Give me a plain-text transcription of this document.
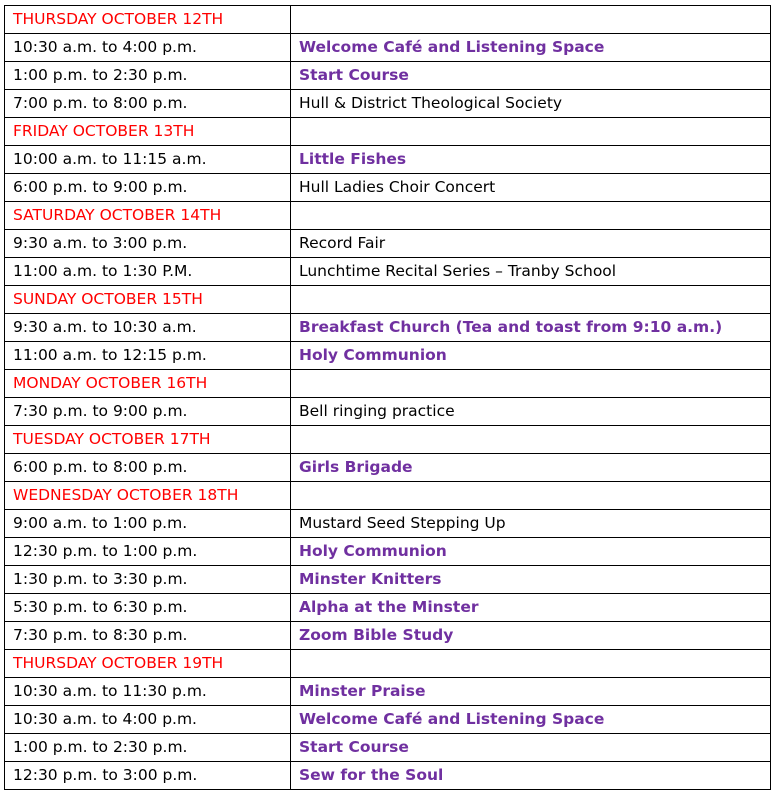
THURSDAY OCTOBER 12TH	
10:30 a.m. to 4:00 p.m.	Welcome Café and Listening Space
1:00 p.m. to 2:30 p.m.	Start Course
7:00 p.m. to 8:00 p.m.	Hull & District Theological Society
FRIDAY OCTOBER 13TH	
10:00 a.m. to 11:15 a.m.	Little Fishes
6:00 p.m. to 9:00 p.m.	Hull Ladies Choir Concert
SATURDAY OCTOBER 14TH	
9:30 a.m. to 3:00 p.m.	Record Fair
11:00 a.m. to 1:30 P.M.	Lunchtime Recital Series – Tranby School
SUNDAY OCTOBER 15TH	
9:30 a.m. to 10:30 a.m.	Breakfast Church (Tea and toast from 9:10 a.m.)
11:00 a.m. to 12:15 p.m.	Holy Communion
MONDAY OCTOBER 16TH	
7:30 p.m. to 9:00 p.m.	Bell ringing practice
TUESDAY OCTOBER 17TH	
6:00 p.m. to 8:00 p.m.	Girls Brigade
WEDNESDAY OCTOBER 18TH	
9:00 a.m. to 1:00 p.m.	Mustard Seed Stepping Up
12:30 p.m. to 1:00 p.m.	Holy Communion
1:30 p.m. to 3:30 p.m.	Minster Knitters
5:30 p.m. to 6:30 p.m.	Alpha at the Minster
7:30 p.m. to 8:30 p.m.	Zoom Bible Study
THURSDAY OCTOBER 19TH	
10:30 a.m. to 11:30 p.m.	Minster Praise
10:30 a.m. to 4:00 p.m.	Welcome Café and Listening Space
1:00 p.m. to 2:30 p.m.	Start Course
12:30 p.m. to 3:00 p.m.	Sew for the Soul
